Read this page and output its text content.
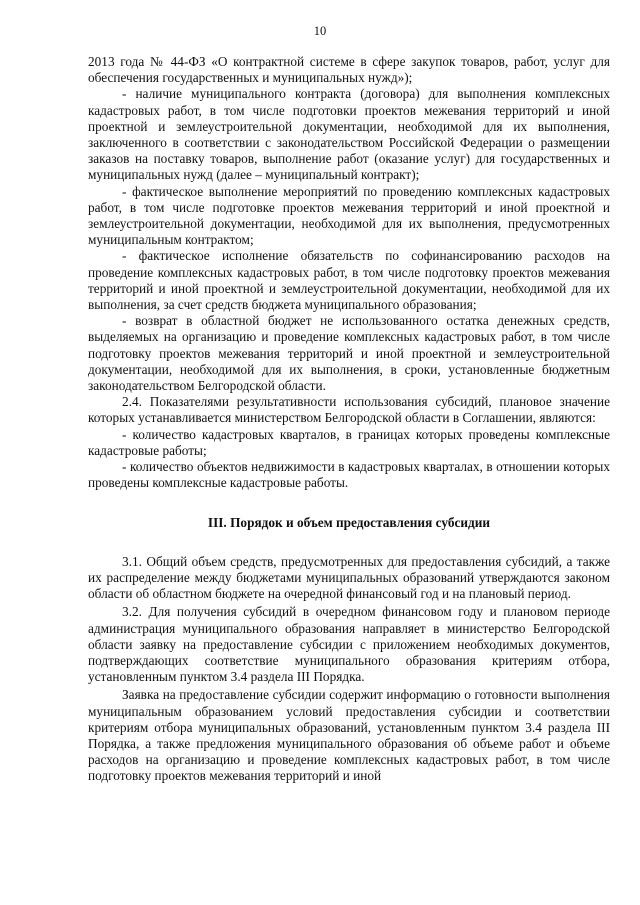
10

2013 года № 44-ФЗ «О контрактной системе в сфере закупок товаров, работ, услуг для обеспечения государственных и муниципальных нужд»);

- наличие муниципального контракта (договора) для выполнения комплексных кадастровых работ, в том числе подготовки проектов межевания территорий и иной проектной и землеустроительной документации, необходимой для их выполнения, заключенного в соответствии с законодательством Российской Федерации о размещении заказов на поставку товаров, выполнение работ (оказание услуг) для государственных и муниципальных нужд (далее – муниципальный контракт);

- фактическое выполнение мероприятий по проведению комплексных кадастровых работ, в том числе подготовке проектов межевания территорий и иной проектной и землеустроительной документации, необходимой для их выполнения, предусмотренных муниципальным контрактом;

- фактическое исполнение обязательств по софинансированию расходов на проведение комплексных кадастровых работ, в том числе подготовку проектов межевания территорий и иной проектной и землеустроительной документации, необходимой для их выполнения, за счет средств бюджета муниципального образования;

- возврат в областной бюджет не использованного остатка денежных средств, выделяемых на организацию и проведение комплексных кадастровых работ, в том числе подготовку проектов межевания территорий и иной проектной и землеустроительной документации, необходимой для их выполнения, в сроки, установленные бюджетным законодательством Белгородской области.

2.4. Показателями результативности использования субсидий, плановое значение которых устанавливается министерством Белгородской области в Соглашении, являются:

- количество кадастровых кварталов, в границах которых проведены комплексные кадастровые работы;

- количество объектов недвижимости в кадастровых кварталах, в отношении которых проведены комплексные кадастровые работы.

III. Порядок и объем предоставления субсидии

3.1. Общий объем средств, предусмотренных для предоставления субсидий, а также их распределение между бюджетами муниципальных образований утверждаются законом области об областном бюджете на очередной финансовый год и на плановый период.

3.2. Для получения субсидий в очередном финансовом году и плановом периоде администрация муниципального образования направляет в министерство Белгородской области заявку на предоставление субсидии с приложением необходимых документов, подтверждающих соответствие муниципального образования критериям отбора, установленным пунктом 3.4 раздела III Порядка.

Заявка на предоставление субсидии содержит информацию о готовности выполнения муниципальным образованием условий предоставления субсидии и соответствии критериям отбора муниципальных образований, установленным пунктом 3.4 раздела III Порядка, а также предложения муниципального образования об объеме работ и объеме расходов на организацию и проведение комплексных кадастровых работ, в том числе подготовку проектов межевания территорий и иной
